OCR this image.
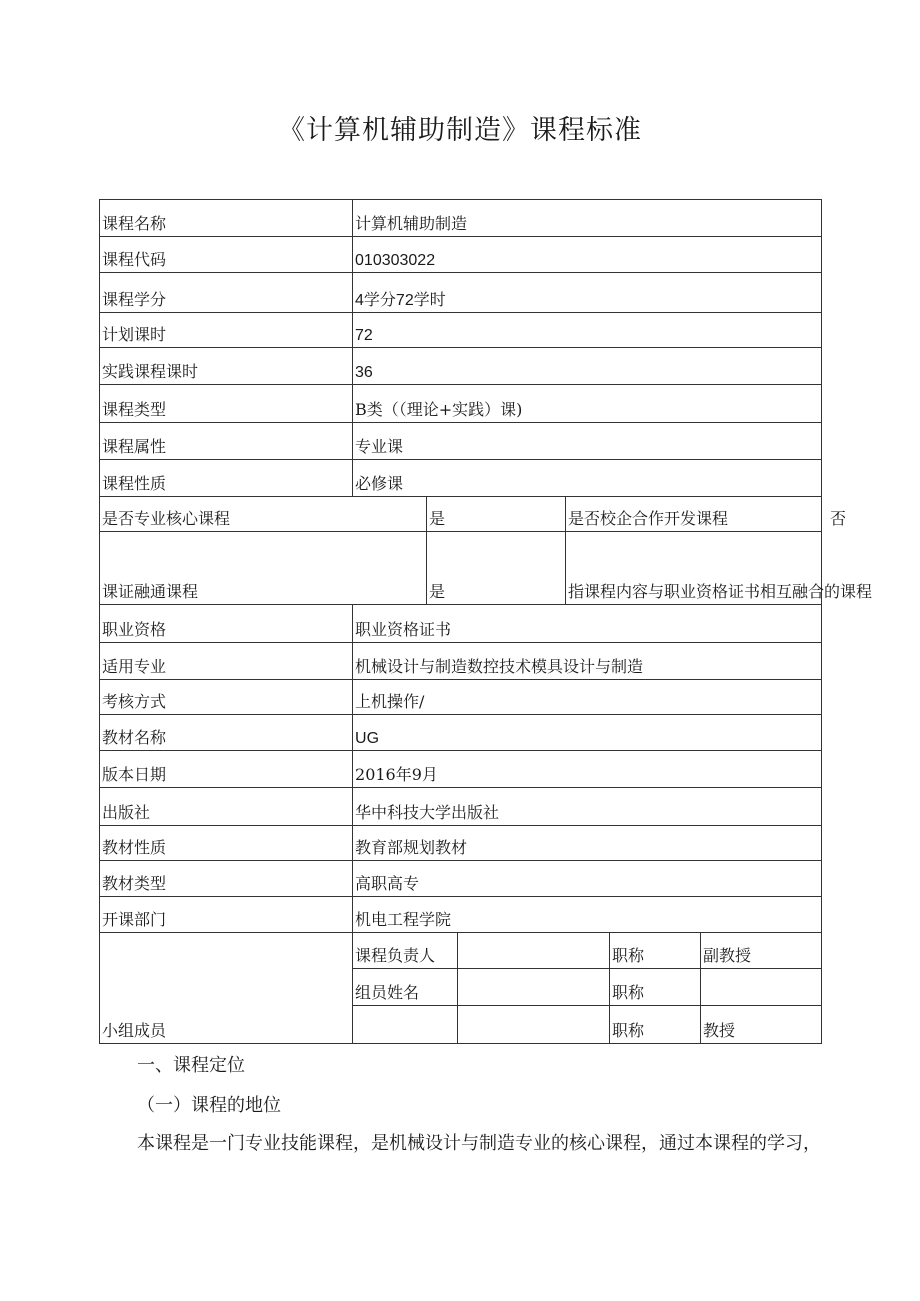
《计算机辅助制造》课程标准
课程名称	计算机辅助制造					
课程代码	010303022					
课程学分	4学分72学时					
计划课时	72					
实践课程课时	36					
课程类型	B类（（理论+实践）课)					
课程属性	专业课					
课程性质	必修课					
是否专业核心课程		是		是否校企合作开发课程 否		
课证融通课程		是		指课程内容与职业资格证书相互融合的课程		
职业资格	职业资格证书					
适用专业	机械设计与制造数控技术模具设计与制造					
考核方式	上机操作/					
教材名称	UG					
版本日期	2016年9月					
出版社	华中科技大学出版社					
教材性质	教育部规划教材					
教材类型	高职高专					
开课部门	机电工程学院					
小组成员	课程负责人				职称	副教授
	组员姓名				职称	
					职称	教授
一、课程定位
（一）课程的地位
本课程是一门专业技能课程，是机械设计与制造专业的核心课程，通过本课程的学习，
